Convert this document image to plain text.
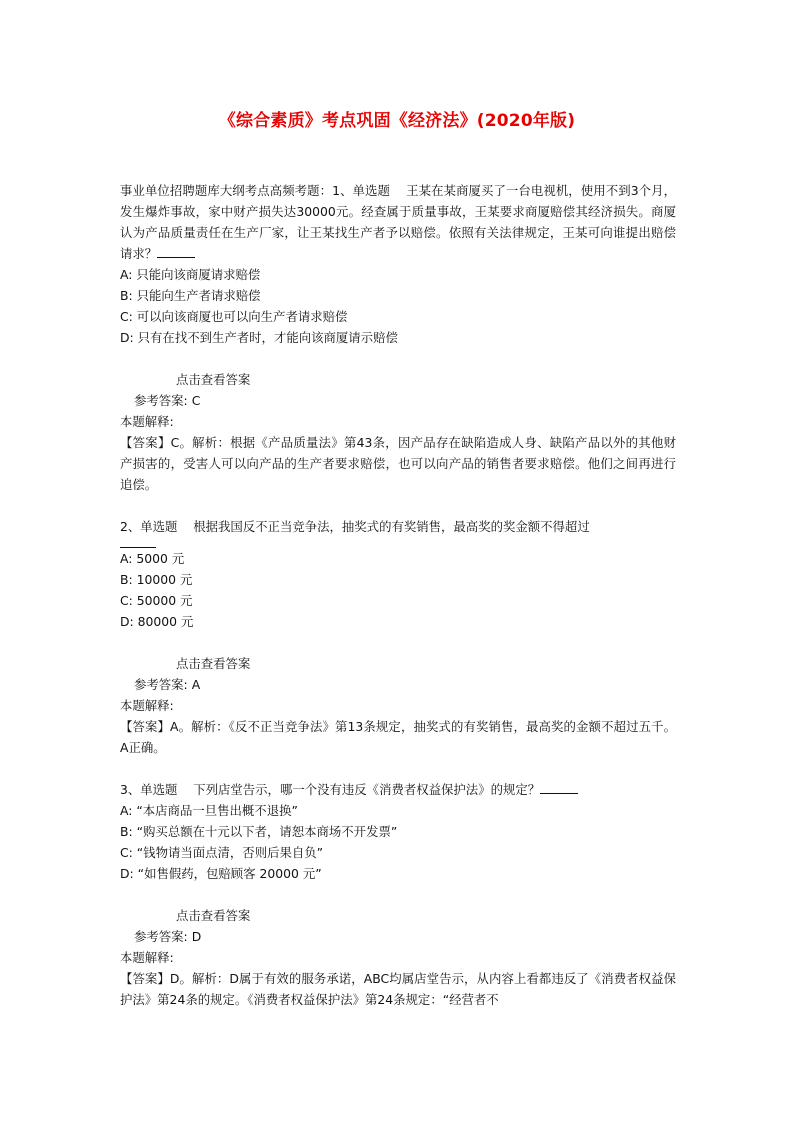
《综合素质》考点巩固《经济法》(2020年版)

事业单位招聘题库大纲考点高频考题：1、单选题 王某在某商厦买了一台电视机，使用不到3个月，发生爆炸事故，家中财产损失达30000元。经查属于质量事故，王某要求商厦赔偿其经济损失。商厦认为产品质量责任在生产厂家，让王某找生产者予以赔偿。依照有关法律规定，王某可向谁提出赔偿请求？

A: 只能向该商厦请求赔偿

B: 只能向生产者请求赔偿

C: 可以向该商厦也可以向生产者请求赔偿

D: 只有在找不到生产者时，才能向该商厦请示赔偿

点击查看答案

参考答案: C

本题解释:

【答案】C。解析：根据《产品质量法》第43条，因产品存在缺陷造成人身、缺陷产品以外的其他财产损害的，受害人可以向产品的生产者要求赔偿，也可以向产品的销售者要求赔偿。他们之间再进行追偿。

2、单选题 根据我国反不正当竞争法，抽奖式的有奖销售，最高奖的奖金额不得超过

A: 5000 元

B: 10000 元

C: 50000 元

D: 80000 元

点击查看答案

参考答案: A

本题解释:

【答案】A。解析：《反不正当竞争法》第13条规定，抽奖式的有奖销售，最高奖的金额不超过五千。A正确。

3、单选题 下列店堂告示，哪一个没有违反《消费者权益保护法》的规定？

A: “本店商品一旦售出概不退换”

B: “购买总额在十元以下者，请恕本商场不开发票”

C: “钱物请当面点清，否则后果自负”

D: “如售假药，包赔顾客 20000 元”

点击查看答案

参考答案: D

本题解释:

【答案】D。解析：D属于有效的服务承诺，ABC均属店堂告示，从内容上看都违反了《消费者权益保护法》第24条的规定。《消费者权益保护法》第24条规定：“经营者不
